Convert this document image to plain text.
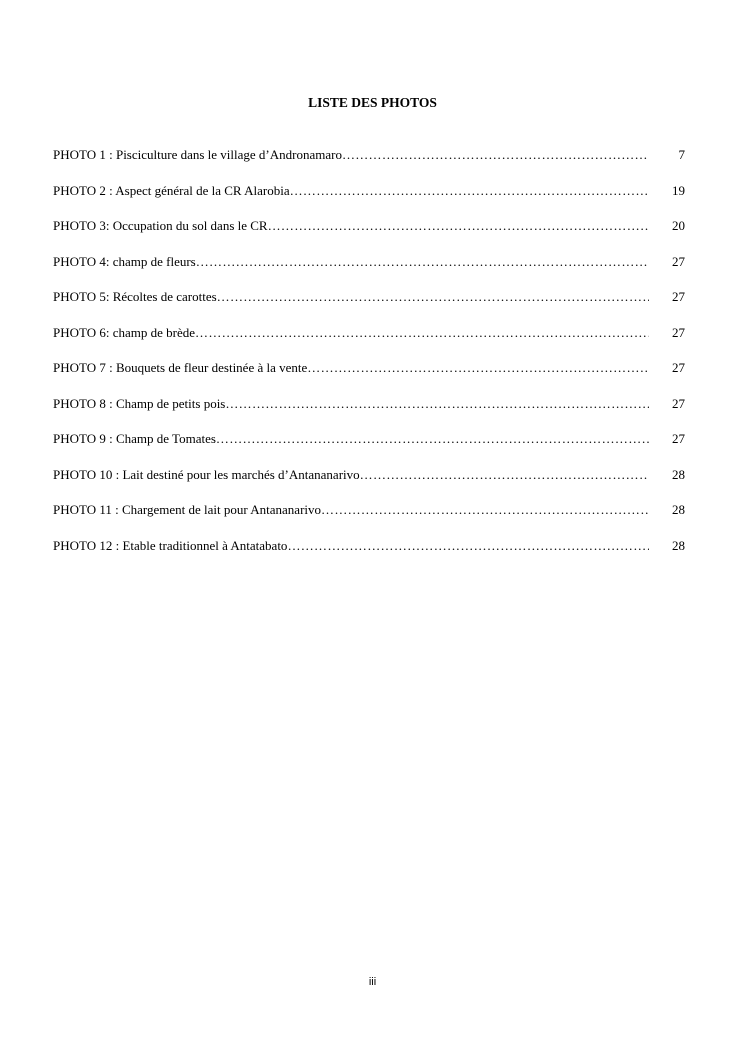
LISTE DES PHOTOS
PHOTO 1 : Pisciculture dans le village d’Andronamaro ……………………………………………………………………………………………………………………………………………	7
PHOTO 2 : Aspect général de la CR Alarobia ……………………………………………………………………………………………………………………………………………	19
PHOTO 3: Occupation du sol dans le CR ……………………………………………………………………………………………………………………………………………	20
PHOTO 4: champ de fleurs ……………………………………………………………………………………………………………………………………………	27
PHOTO 5: Récoltes de carottes ……………………………………………………………………………………………………………………………………………	27
PHOTO 6: champ de brède ……………………………………………………………………………………………………………………………………………	27
PHOTO 7 : Bouquets de fleur destinée à la vente ……………………………………………………………………………………………………………………………………………	27
PHOTO 8 : Champ de petits pois ……………………………………………………………………………………………………………………………………………	27
PHOTO 9 : Champ de Tomates ……………………………………………………………………………………………………………………………………………	27
PHOTO 10 : Lait destiné pour les marchés d’Antananarivo ……………………………………………………………………………………………………………………………………………	28
PHOTO 11 : Chargement de lait pour Antananarivo ……………………………………………………………………………………………………………………………………………	28
PHOTO 12 : Etable traditionnel à Antatabato ……………………………………………………………………………………………………………………………………………	28
iii
